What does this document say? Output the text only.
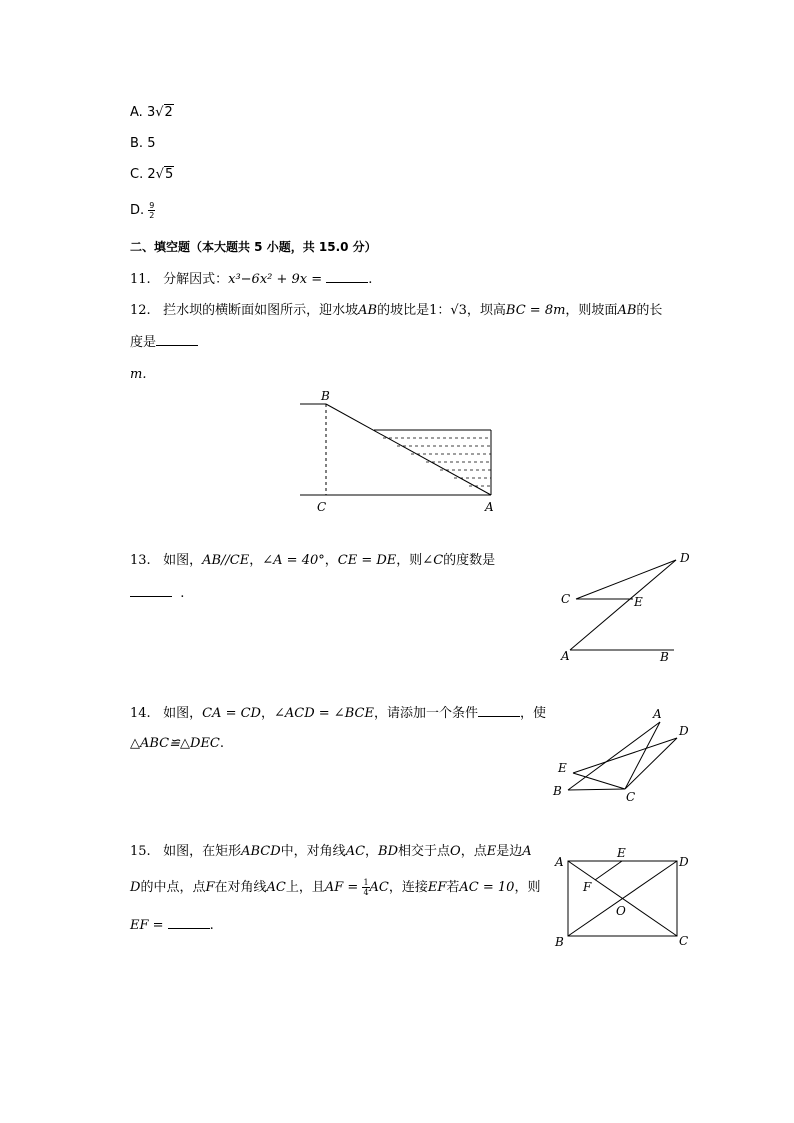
A. 3√2
B. 5
C. 2√5
D. $\frac{9}{2}$
二、填空题（本大题共 5 小题，共 15.0 分）
11. 分解因式：x³−6x² + 9x =	.
12. 拦水坝的横断面如图所示，迎水坡AB的坡比是1：√3，坝高BC = 8m，则坡面AB的长
度是
m.
B
C	A
13. 如图，AB//CE，∠A = 40°，CE = DE，则∠C的度数是
.
D
C	E
A	B
14. 如图，CA = CD，∠ACD = ∠BCE，请添加一个条件	，使
△ABC≌△DEC.
A
D
E
B	C
15. 如图，在矩形ABCD中，对角线AC，BD相交于点O，点E是边A
D的中点，点F在对角线AC上，且AF = $\frac{1}{4}$ AC，连接EF若AC = 10，则
EF =	.
A
E
D
F
O
B	C
